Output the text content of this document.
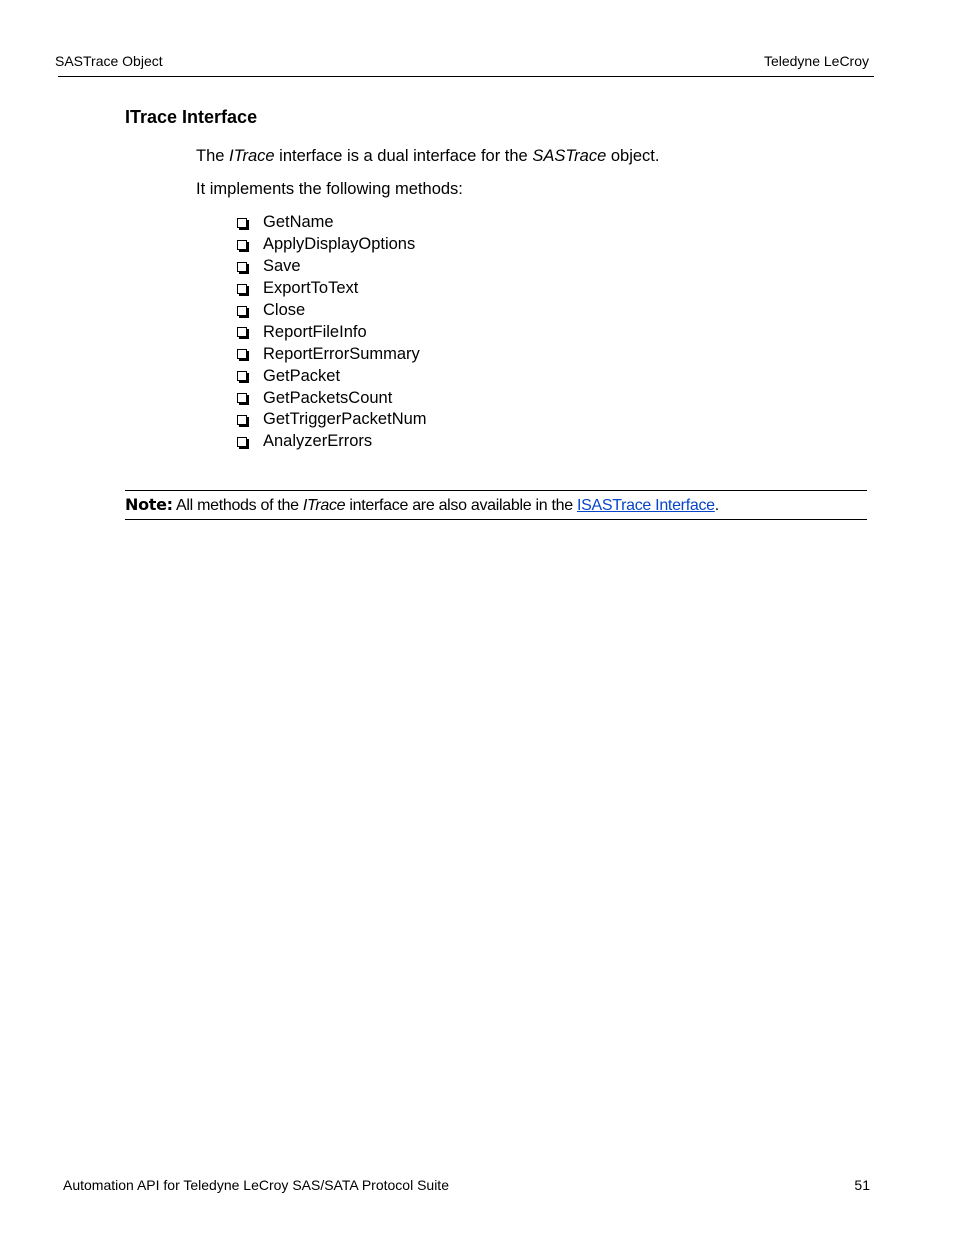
SASTrace Object	Teledyne LeCroy
ITrace Interface
The ITrace interface is a dual interface for the SASTrace object.
It implements the following methods:
GetName
ApplyDisplayOptions
Save
ExportToText
Close
ReportFileInfo
ReportErrorSummary
GetPacket
GetPacketsCount
GetTriggerPacketNum
AnalyzerErrors
Note: All methods of the ITrace interface are also available in the ISASTrace Interface.
Automation API for Teledyne LeCroy SAS/SATA Protocol Suite	51
